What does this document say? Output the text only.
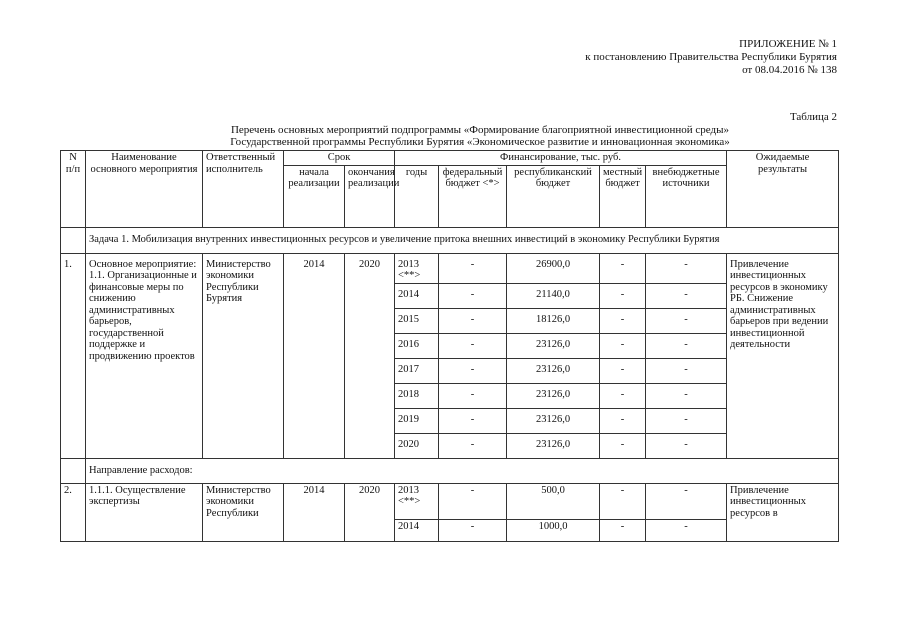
ПРИЛОЖЕНИЕ № 1
к постановлению Правительства Республики Бурятия
от 08.04.2016 № 138
Таблица 2
Перечень основных мероприятий подпрограммы «Формирование благоприятной инвестиционной среды»
Государственной программы Республики Бурятия «Экономическое развитие и инновационная экономика»
N п/п	Наименование основного мероприятия	Ответственный исполнитель	Срок		Финансирование, тыс. руб.					Ожидаемые результаты
			начала реализации	окончания реализации	годы	федеральный бюджет <*>	республиканский бюджет	местный бюджет	внебюджетные источники	
	Задача 1. Мобилизация внутренних инвестиционных ресурсов и увеличение притока внешних инвестиций в экономику Республики Бурятия									
1.	Основное мероприятие: 1.1. Организационные и финансовые меры по снижению административных барьеров, государственной поддержке и продвижению проектов	Министерство экономики Республики Бурятия	2014	2020	2013 <**>	-	26900,0	-	-	Привлечение инвестиционных ресурсов в экономику РБ. Снижение административных барьеров при ведении инвестиционной деятельности
					2014	-	21140,0	-	-	
					2015	-	18126,0	-	-	
					2016	-	23126,0	-	-	
					2017	-	23126,0	-	-	
					2018	-	23126,0	-	-	
					2019	-	23126,0	-	-	
					2020	-	23126,0	-	-	
	Направление расходов:									
2.	1.1.1. Осуществление экспертизы	Министерство экономики Республики	2014	2020	2013 <**>	-	500,0	-	-	Привлечение инвестиционных ресурсов в
					2014	-	1000,0	-	-	
